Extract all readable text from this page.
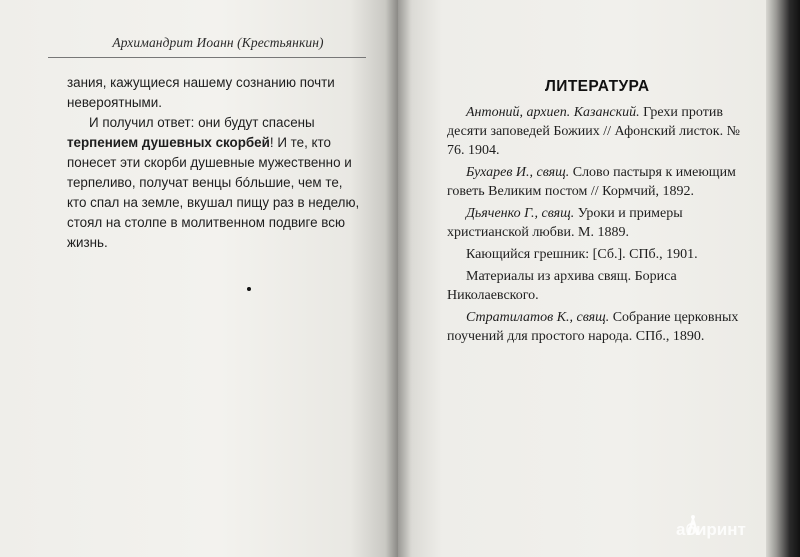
Архимандрит Иоанн (Крестьянкин)

зания, кажущиеся нашему сознанию почти невероятными.

И получил ответ: они будут спасены терпением душевных скорбей! И те, кто понесет эти скорби душевные мужественно и терпеливо, получат венцы бóльшие, чем те, кто спал на земле, вкушал пищу раз в неделю, стоял на столпе в молитвенном подвиге всю жизнь.

ЛИТЕРАТУРА

Антоний, архиеп. Казанский. Грехи против десяти заповедей Божиих // Афонский листок. № 76. 1904.

Бухарев И., свящ. Слово пастыря к имеющим говеть Великим постом // Кормчий, 1892.

Дьяченко Г., свящ. Уроки и примеры христианской любви. М. 1889.

Кающийся грешник: [Сб.]. СПб., 1901.

Материалы из архива свящ. Бориса Николаевского.

Стратилатов К., свящ. Собрание церковных поучений для простого народа. СПб., 1890.

абиринт
